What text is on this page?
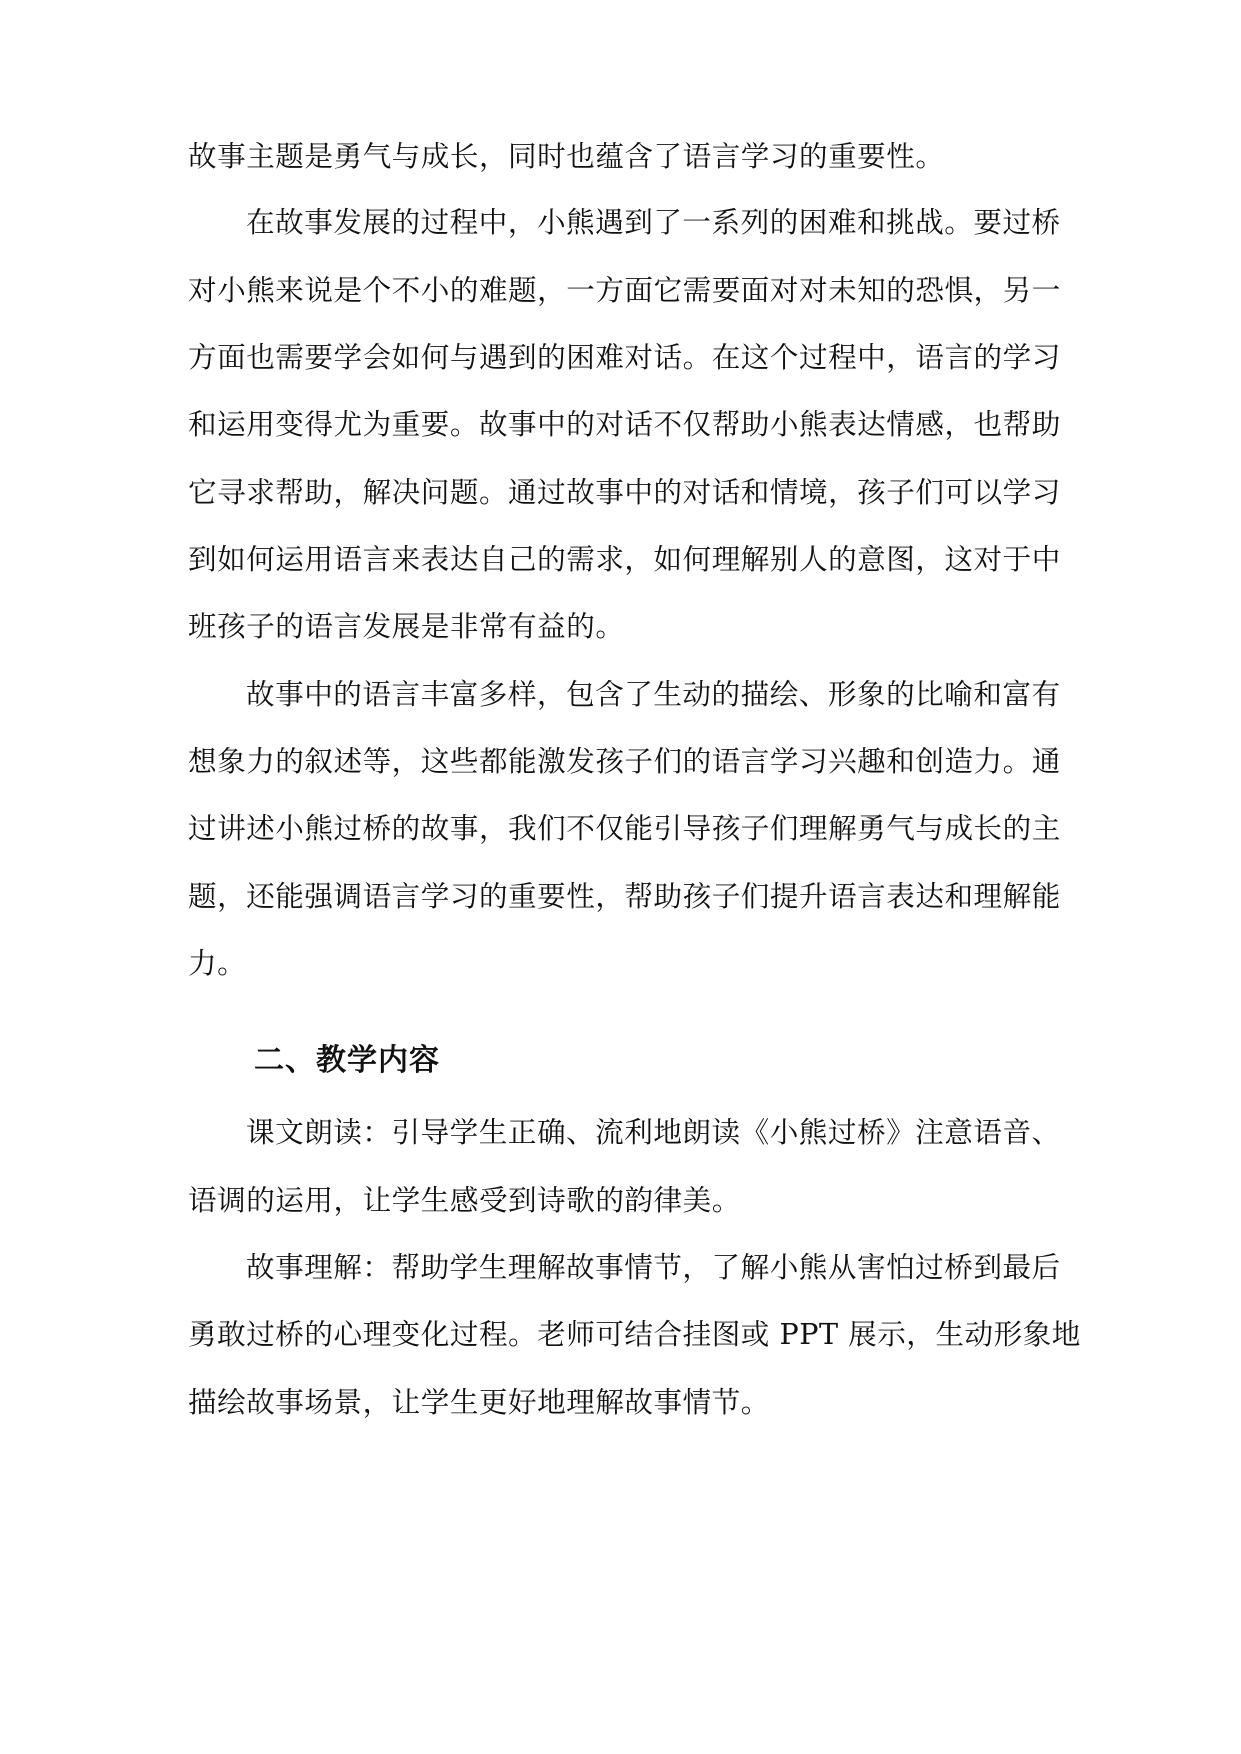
故事主题是勇气与成长，同时也蕴含了语言学习的重要性。
在故事发展的过程中，小熊遇到了一系列的困难和挑战。要过桥
对小熊来说是个不小的难题，一方面它需要面对对未知的恐惧，另一
方面也需要学会如何与遇到的困难对话。在这个过程中，语言的学习
和运用变得尤为重要。故事中的对话不仅帮助小熊表达情感，也帮助
它寻求帮助，解决问题。通过故事中的对话和情境，孩子们可以学习
到如何运用语言来表达自己的需求，如何理解别人的意图，这对于中
班孩子的语言发展是非常有益的。
故事中的语言丰富多样，包含了生动的描绘、形象的比喻和富有
想象力的叙述等，这些都能激发孩子们的语言学习兴趣和创造力。通
过讲述小熊过桥的故事，我们不仅能引导孩子们理解勇气与成长的主
题，还能强调语言学习的重要性，帮助孩子们提升语言表达和理解能
力。
二、教学内容
课文朗读：引导学生正确、流利地朗读《小熊过桥》注意语音、
语调的运用，让学生感受到诗歌的韵律美。
故事理解：帮助学生理解故事情节，了解小熊从害怕过桥到最后
勇敢过桥的心理变化过程。老师可结合挂图或 PPT 展示，生动形象地
描绘故事场景，让学生更好地理解故事情节。
